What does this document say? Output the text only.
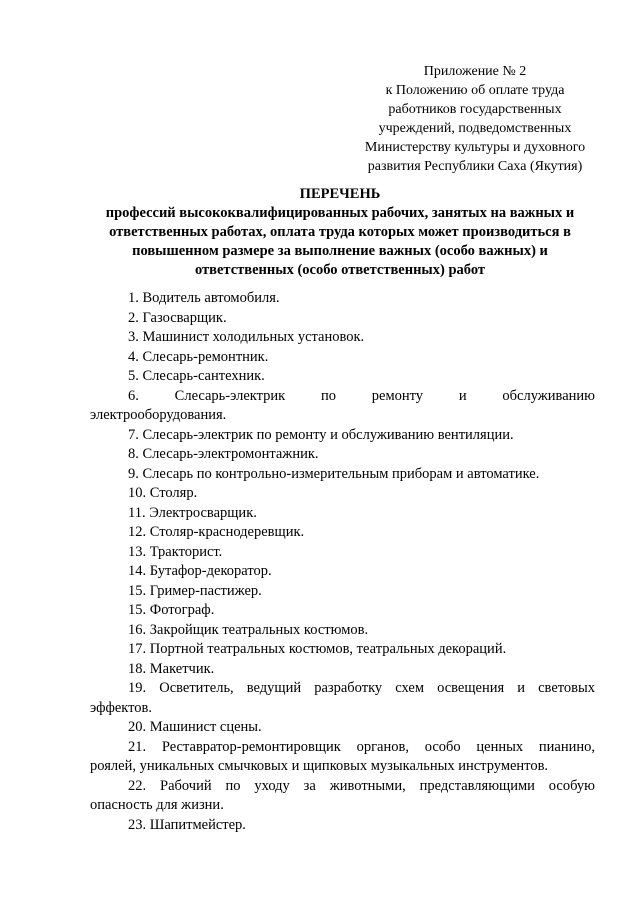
Приложение № 2
к Положению об оплате труда
работников государственных
учреждений, подведомственных
Министерству культуры и духовного
развития Республики Саха (Якутия)
ПЕРЕЧЕНЬ
профессий высококвалифицированных рабочих, занятых на важных и
ответственных работах, оплата труда которых может производиться в
повышенном размере за выполнение важных (особо важных) и
ответственных (особо ответственных) работ
1. Водитель автомобиля.
2. Газосварщик.
3. Машинист холодильных установок.
4. Слесарь-ремонтник.
5. Слесарь-сантехник.
6. Слесарь-электрик по ремонту и обслуживанию
электрооборудования.
7. Слесарь-электрик по ремонту и обслуживанию вентиляции.
8. Слесарь-электромонтажник.
9. Слесарь по контрольно-измерительным приборам и автоматике.
10. Столяр.
11. Электросварщик.
12. Столяр-краснодеревщик.
13. Тракторист.
14. Бутафор-декоратор.
15. Гример-пастижер.
15. Фотограф.
16. Закройщик театральных костюмов.
17. Портной театральных костюмов, театральных декораций.
18. Макетчик.
19. Осветитель, ведущий разработку схем освещения и световых
эффектов.
20. Машинист сцены.
21. Реставратор-ремонтировщик органов, особо ценных пианино,
роялей, уникальных смычковых и щипковых музыкальных инструментов.
22. Рабочий по уходу за животными, представляющими особую
опасность для жизни.
23. Шапитмейстер.
